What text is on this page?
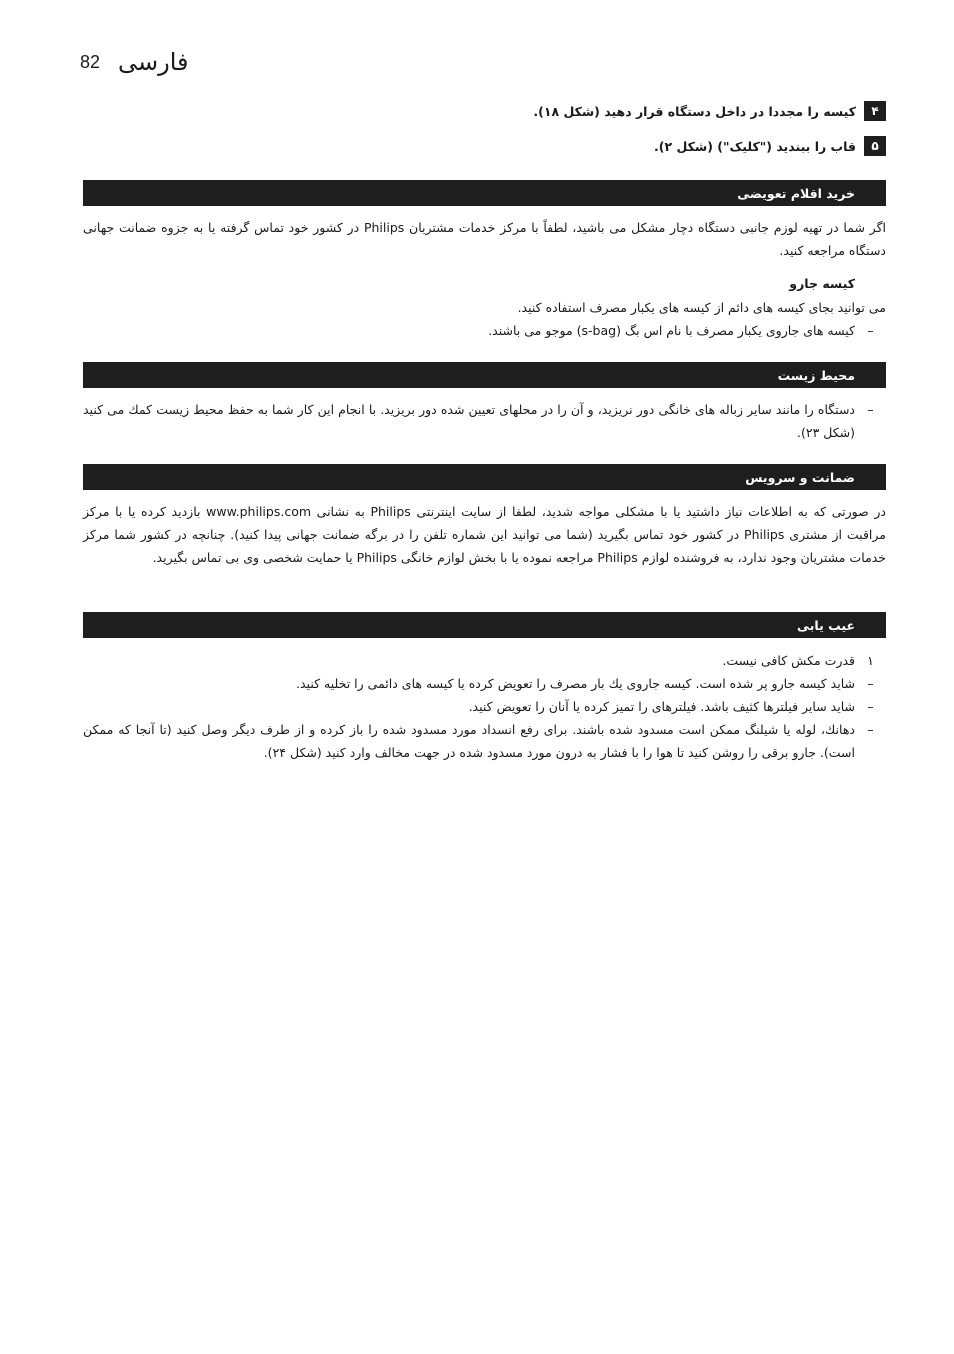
82 فارسی
۴
کیسه را مجددا در داخل دستگاه قرار دهید (شکل ۱۸).
۵
قاب را ببندید ("کلیک") (شکل ۲).
خرید اقلام تعویضی
اگر شما در تهیه لوزم جانبی دستگاه دچار مشکل می باشید، لطفاً با مرکز خدمات مشتریان Philips در کشور خود تماس گرفته یا به جزوه ضمانت جهانی دستگاه مراجعه کنید.
کیسه جارو
می توانید بجای کیسه های دائم از کیسه های یکبار مصرف استفاده کنید.
–
کیسه های جاروی یکبار مصرف با نام اس بگ (s-bag) موجو می باشند.
محیط زیست
–
دستگاه را مانند سایر زباله های خانگی دور نریزید، و آن را در محلهای تعیین شده دور بریزید. با انجام این کار شما به حفظ محیط زیست کمك می کنید (شکل ۲۳).
ضمانت و سرویس
در صورتی که به اطلاعات نیاز داشتید یا با مشکلی مواجه شدید، لطفا از سایت اینترنتی Philips به نشانی www.philips.com بازدید کرده یا با مرکز مراقبت از مشتری Philips در کشور خود تماس بگیرید (شما می توانید این شماره تلفن را در برگه ضمانت جهانی پیدا کنید). چنانچه در کشور شما مرکز خدمات مشتریان وجود ندارد، به فروشنده لوازم Philips مراجعه نموده یا با بخش لوازم خانگی Philips یا حمایت شخصی وی بی تماس بگیرید.
عیب یابی
۱
قدرت مکش کافی نیست.
–
شاید کیسه جارو پر شده است. کیسه جاروی یك بار مصرف را تعویض کرده یا کیسه های دائمی را تخلیه کنید.
–
شاید سایر فیلترها کثیف باشد. فیلترهای را تمیز کرده یا آنان را تعویض کنید.
–
دهانك، لوله یا شیلنگ ممکن است مسدود شده باشند. برای رفع انسداد مورد مسدود شده را باز کرده و از طرف دیگر وصل کنید (تا آنجا که ممکن است). جارو برقی را روشن کنید تا هوا را با فشار به درون مورد مسدود شده در جهت مخالف وارد کنید (شکل ۲۴).
